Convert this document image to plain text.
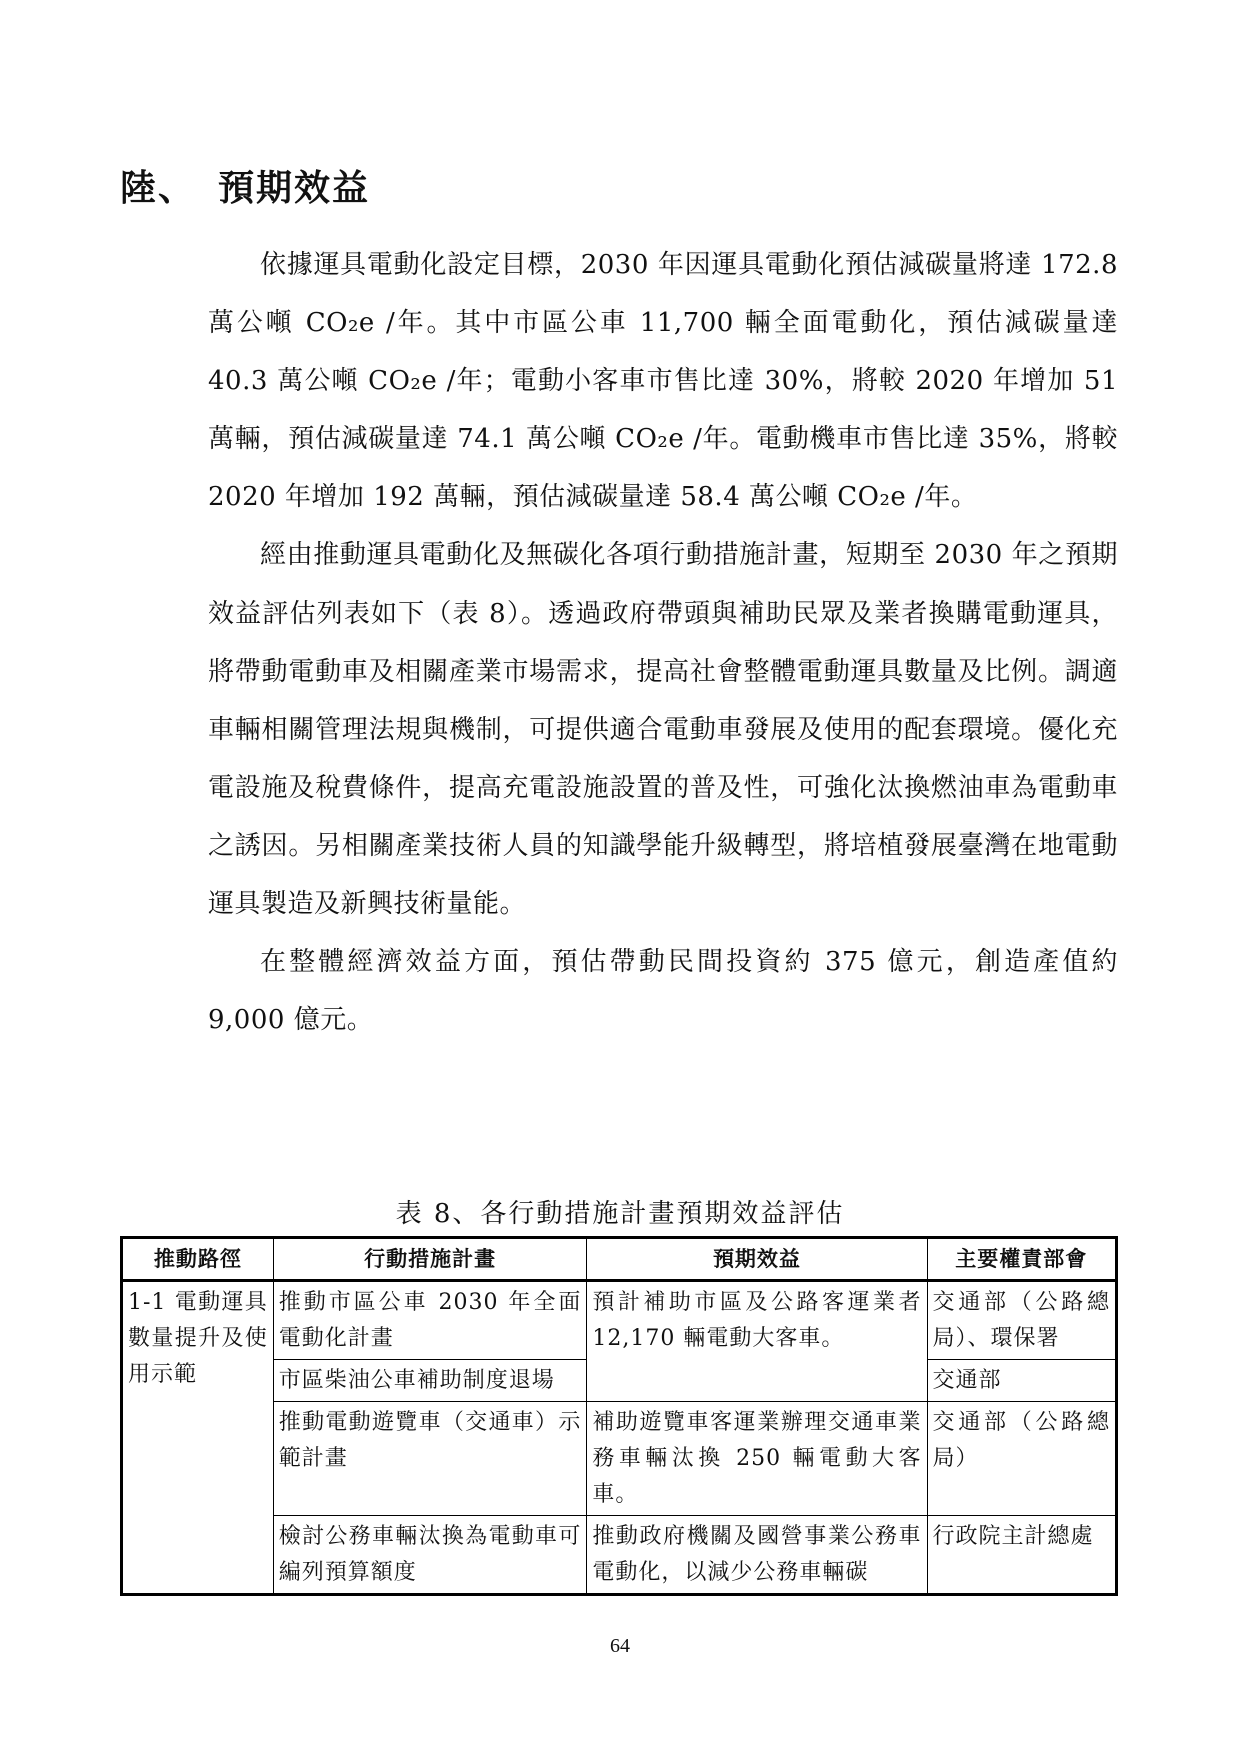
陸、 預期效益

依據運具電動化設定目標，2030 年因運具電動化預估減碳量將達 172.8 萬公噸 CO₂e /年。其中市區公車 11,700 輛全面電動化，預估減碳量達 40.3 萬公噸 CO₂e /年；電動小客車市售比達 30%，將較 2020 年增加 51 萬輛，預估減碳量達 74.1 萬公噸 CO₂e /年。電動機車市售比達 35%，將較 2020 年增加 192 萬輛，預估減碳量達 58.4 萬公噸 CO₂e /年。

經由推動運具電動化及無碳化各項行動措施計畫，短期至 2030 年之預期效益評估列表如下（表 8）。透過政府帶頭與補助民眾及業者換購電動運具，將帶動電動車及相關產業市場需求，提高社會整體電動運具數量及比例。調適車輛相關管理法規與機制，可提供適合電動車發展及使用的配套環境。優化充電設施及稅費條件，提高充電設施設置的普及性，可強化汰換燃油車為電動車之誘因。另相關產業技術人員的知識學能升級轉型，將培植發展臺灣在地電動運具製造及新興技術量能。

在整體經濟效益方面，預估帶動民間投資約 375 億元，創造產值約 9,000 億元。

表 8、各行動措施計畫預期效益評估
推動路徑	行動措施計畫	預期效益	主要權責部會
1-1 電動運具數量提升及使用示範	推動市區公車 2030 年全面電動化計畫	預計補助市區及公路客運業者 12,170 輛電動大客車。	交通部（公路總局）、環保署
	市區柴油公車補助制度退場		交通部
	推動電動遊覽車（交通車）示範計畫	補助遊覽車客運業辦理交通車業務車輛汰換 250 輛電動大客車。	交通部（公路總局）
	檢討公務車輛汰換為電動車可編列預算額度	推動政府機關及國營事業公務車電動化，以減少公務車輛碳	行政院主計總處
64
